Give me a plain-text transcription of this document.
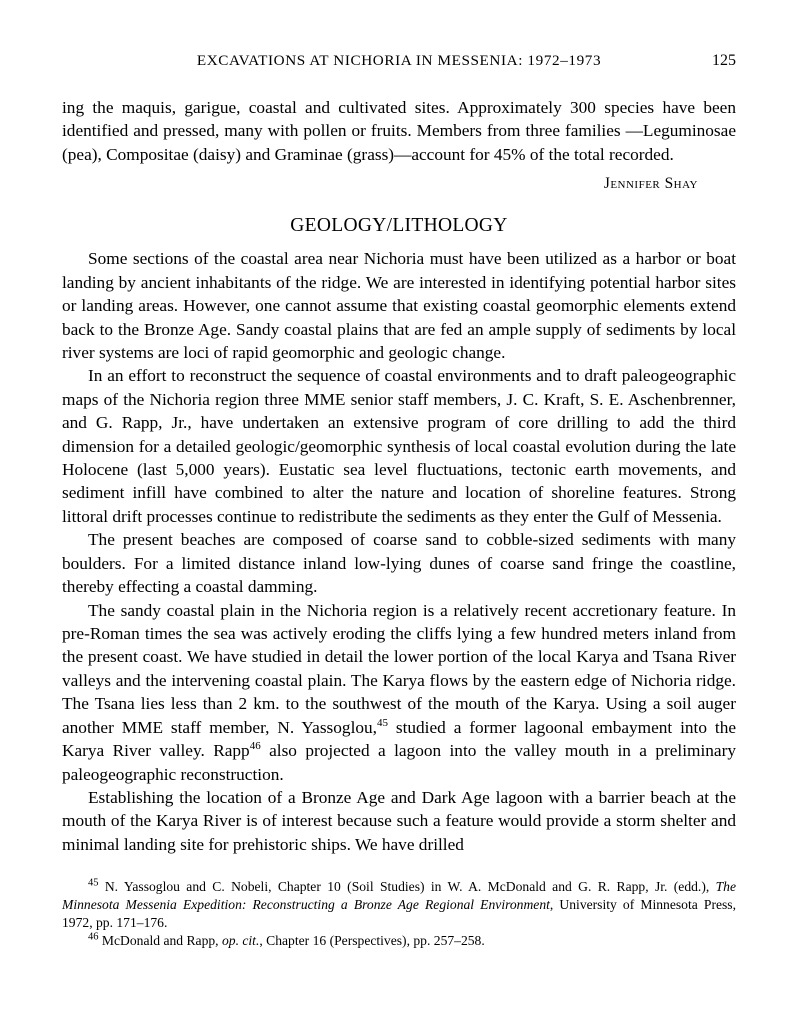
EXCAVATIONS AT NICHORIA IN MESSENIA: 1972–1973	125

ing the maquis, garigue, coastal and cultivated sites. Approximately 300 species have been identified and pressed, many with pollen or fruits. Members from three families —Leguminosae (pea), Compositae (daisy) and Graminae (grass)—account for 45% of the total recorded.

Jennifer Shay
GEOLOGY/LITHOLOGY

Some sections of the coastal area near Nichoria must have been utilized as a harbor or boat landing by ancient inhabitants of the ridge. We are interested in identifying potential harbor sites or landing areas. However, one cannot assume that existing coastal geomorphic elements extend back to the Bronze Age. Sandy coastal plains that are fed an ample supply of sediments by local river systems are loci of rapid geomorphic and geologic change.

In an effort to reconstruct the sequence of coastal environments and to draft paleogeographic maps of the Nichoria region three MME senior staff members, J. C. Kraft, S. E. Aschenbrenner, and G. Rapp, Jr., have undertaken an extensive program of core drilling to add the third dimension for a detailed geologic/geomorphic synthesis of local coastal evolution during the late Holocene (last 5,000 years). Eustatic sea level fluctuations, tectonic earth movements, and sediment infill have combined to alter the nature and location of shoreline features. Strong littoral drift processes continue to redistribute the sediments as they enter the Gulf of Messenia.

The present beaches are composed of coarse sand to cobble-sized sediments with many boulders. For a limited distance inland low-lying dunes of coarse sand fringe the coastline, thereby effecting a coastal damming.

The sandy coastal plain in the Nichoria region is a relatively recent accretionary feature. In pre-Roman times the sea was actively eroding the cliffs lying a few hundred meters inland from the present coast. We have studied in detail the lower portion of the local Karya and Tsana River valleys and the intervening coastal plain. The Karya flows by the eastern edge of Nichoria ridge. The Tsana lies less than 2 km. to the southwest of the mouth of the Karya. Using a soil auger another MME staff member, N. Yassoglou,$^{45}$ studied a former lagoonal embayment into the Karya River valley. Rapp$^{46}$ also projected a lagoon into the valley mouth in a preliminary paleogeographic reconstruction.

Establishing the location of a Bronze Age and Dark Age lagoon with a barrier beach at the mouth of the Karya River is of interest because such a feature would provide a storm shelter and minimal landing site for prehistoric ships. We have drilled

$^{45}$ N. Yassoglou and C. Nobeli, Chapter 10 (Soil Studies) in W. A. McDonald and G. R. Rapp, Jr. (edd.), The Minnesota Messenia Expedition: Reconstructing a Bronze Age Regional Environment, University of Minnesota Press, 1972, pp. 171–176.

$^{46}$ McDonald and Rapp, op. cit., Chapter 16 (Perspectives), pp. 257–258.
